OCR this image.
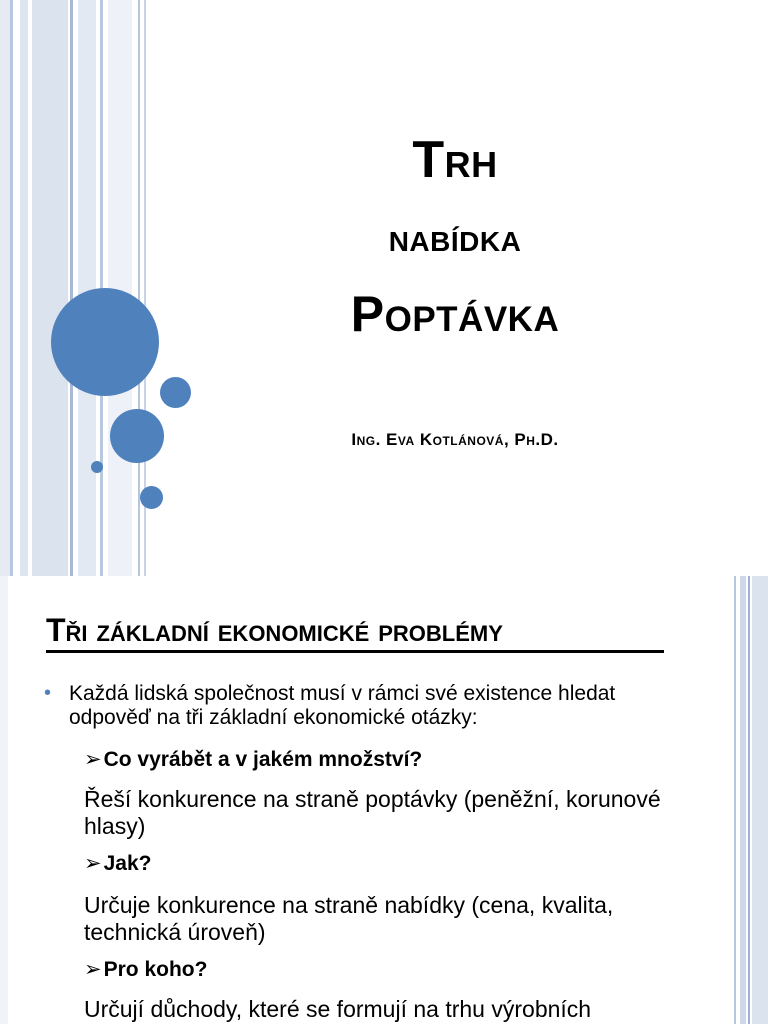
Trh
nabídka
Poptávka
Ing. Eva Kotlánová, Ph.D.
Tři základní ekonomické problémy
• Každá lidská společnost musí v rámci své existence hledat odpověď na tři základní ekonomické otázky:
➢Co vyrábět a v jakém množství?
Řeší konkurence na straně poptávky (peněžní, korunové hlasy)
➢Jak?
Určuje konkurence na straně nabídky (cena, kvalita, technická úroveň)
➢Pro koho?
Určují důchody, které se formují na trhu výrobních
